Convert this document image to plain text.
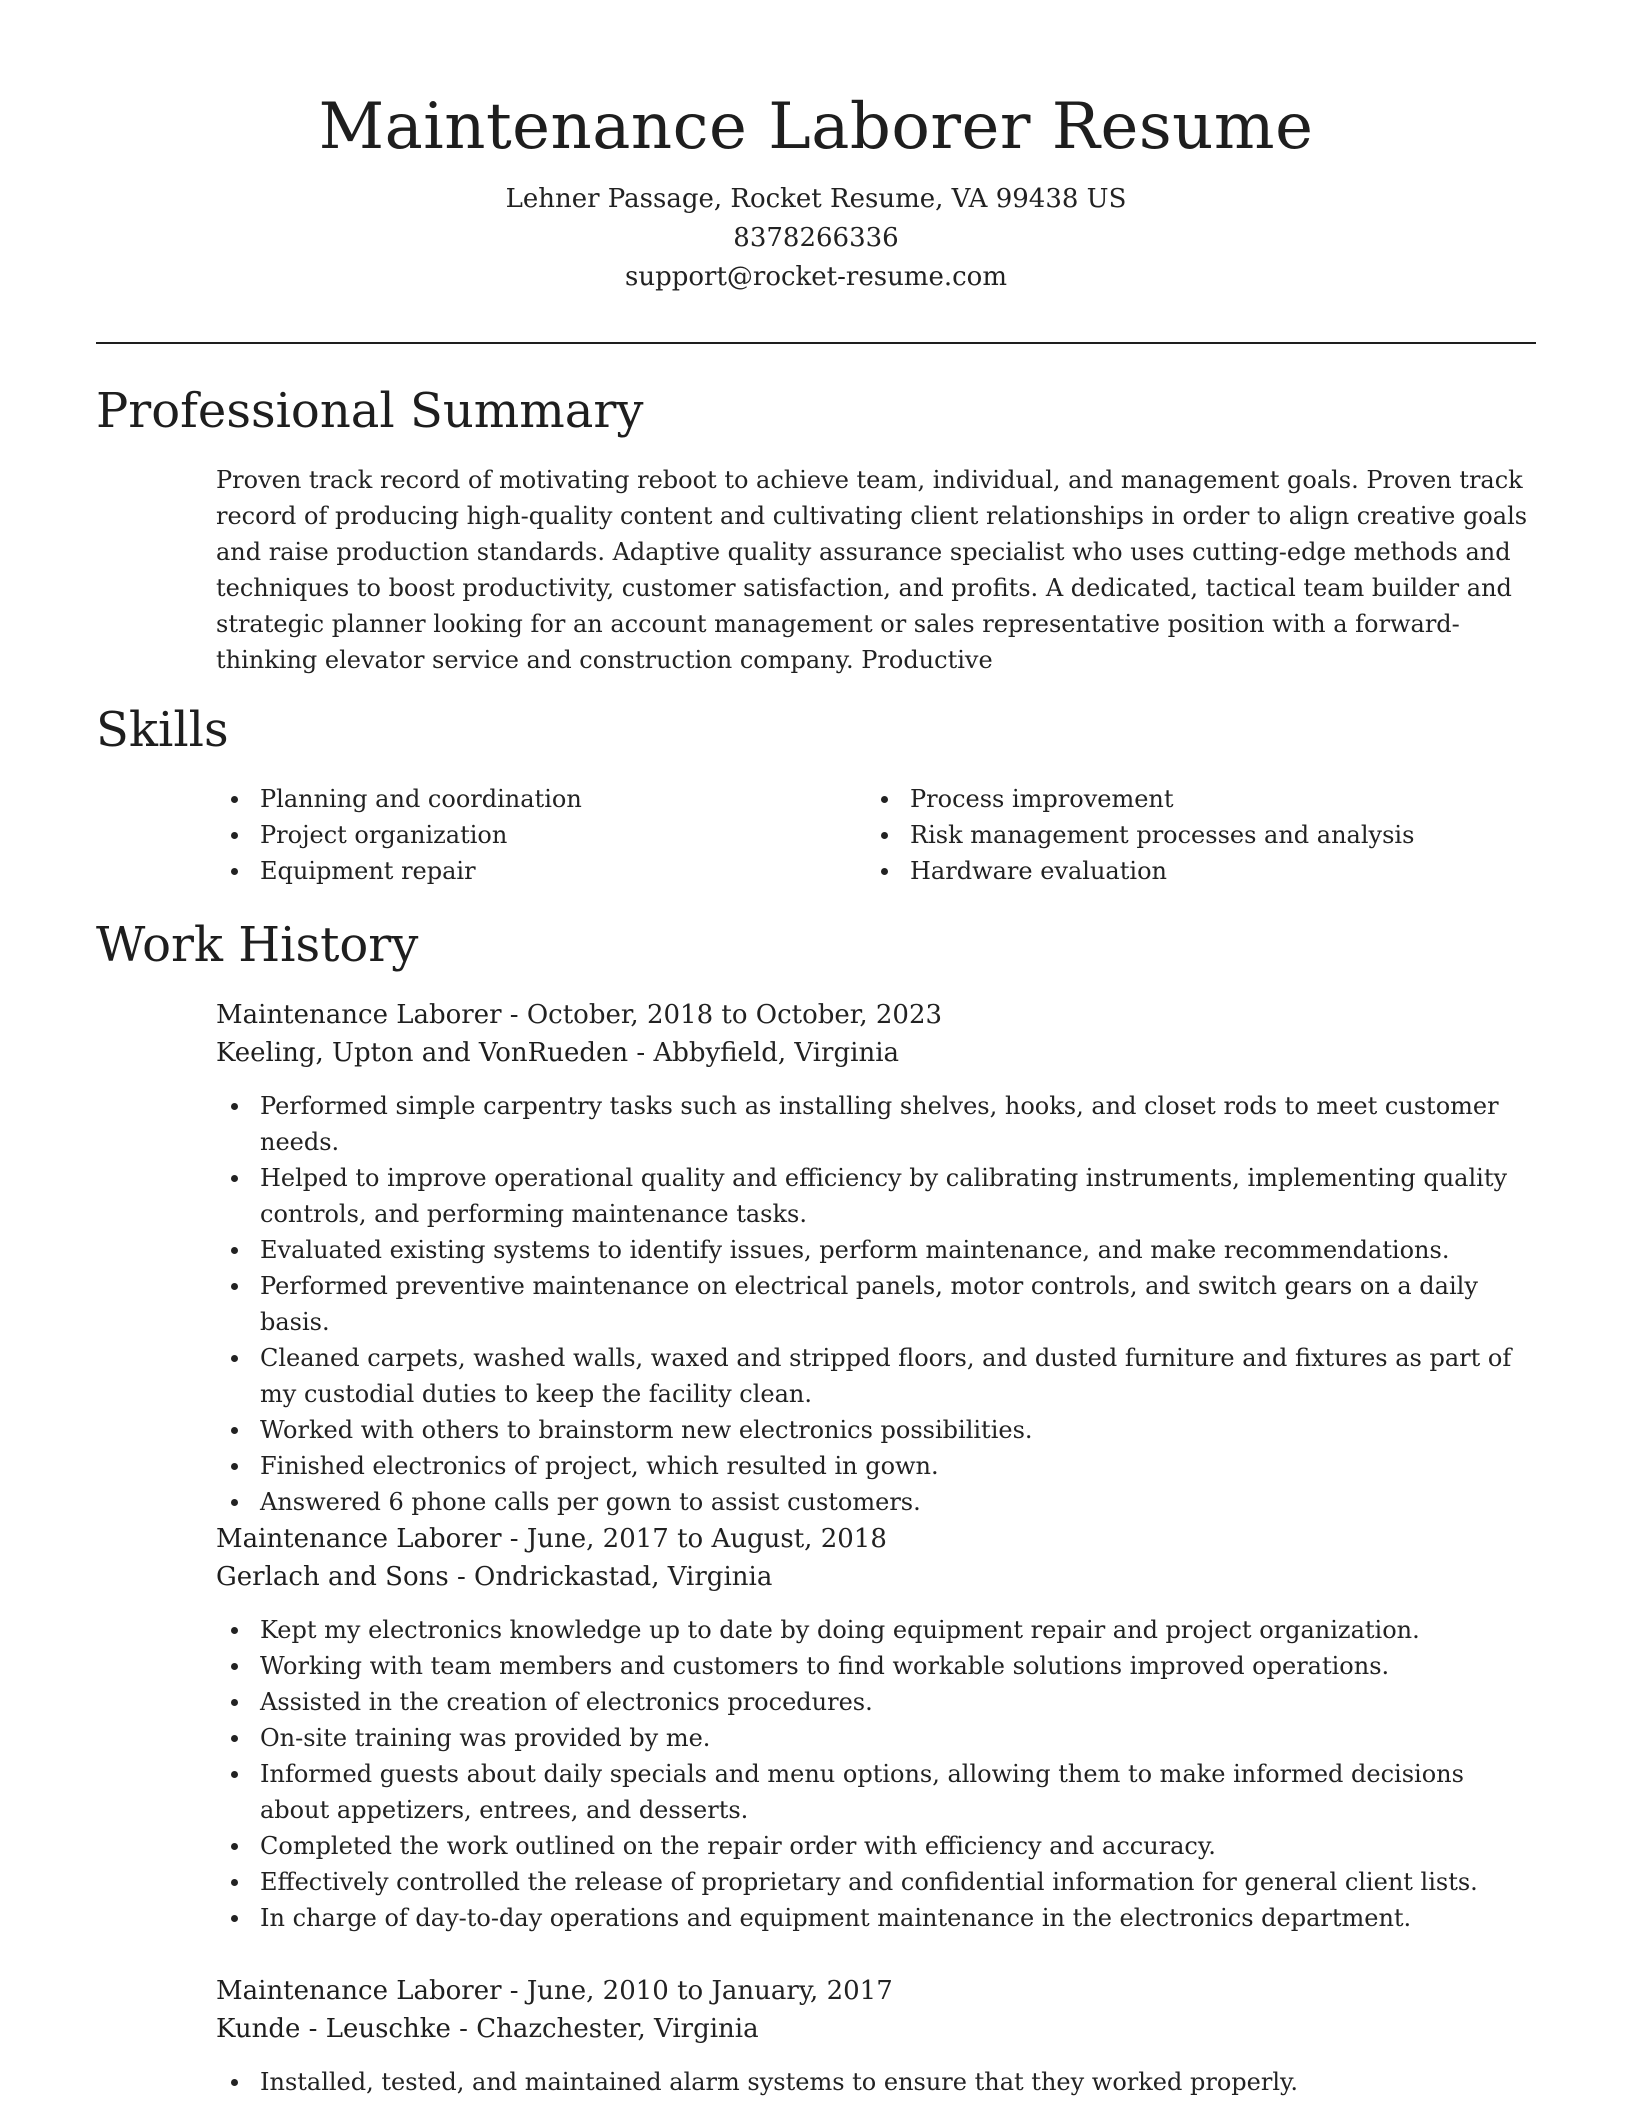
Maintenance Laborer Resume
Lehner Passage, Rocket Resume, VA 99438 US
8378266336
support@rocket-resume.com
Professional Summary

Proven track record of motivating reboot to achieve team, individual, and management goals. Proven track record of producing high-quality content and cultivating client relationships in order to align creative goals and raise production standards. Adaptive quality assurance specialist who uses cutting-edge methods and techniques to boost productivity, customer satisfaction, and profits. A dedicated, tactical team builder and strategic planner looking for an account management or sales representative position with a forward-thinking elevator service and construction company. Productive

Skills
Planning and coordination
Project organization
Equipment repair
Process improvement
Risk management processes and analysis
Hardware evaluation
Work History
Maintenance Laborer - October, 2018 to October, 2023
Keeling, Upton and VonRueden - Abbyfield, Virginia
Performed simple carpentry tasks such as installing shelves, hooks, and closet rods to meet customer needs.
Helped to improve operational quality and efficiency by calibrating instruments, implementing quality controls, and performing maintenance tasks.
Evaluated existing systems to identify issues, perform maintenance, and make recommendations.
Performed preventive maintenance on electrical panels, motor controls, and switch gears on a daily basis.
Cleaned carpets, washed walls, waxed and stripped floors, and dusted furniture and fixtures as part of my custodial duties to keep the facility clean.
Worked with others to brainstorm new electronics possibilities.
Finished electronics of project, which resulted in gown.
Answered 6 phone calls per gown to assist customers.
Maintenance Laborer - June, 2017 to August, 2018
Gerlach and Sons - Ondrickastad, Virginia
Kept my electronics knowledge up to date by doing equipment repair and project organization.
Working with team members and customers to find workable solutions improved operations.
Assisted in the creation of electronics procedures.
On-site training was provided by me.
Informed guests about daily specials and menu options, allowing them to make informed decisions about appetizers, entrees, and desserts.
Completed the work outlined on the repair order with efficiency and accuracy.
Effectively controlled the release of proprietary and confidential information for general client lists.
In charge of day-to-day operations and equipment maintenance in the electronics department.
Maintenance Laborer - June, 2010 to January, 2017
Kunde - Leuschke - Chazchester, Virginia
Installed, tested, and maintained alarm systems to ensure that they worked properly.
